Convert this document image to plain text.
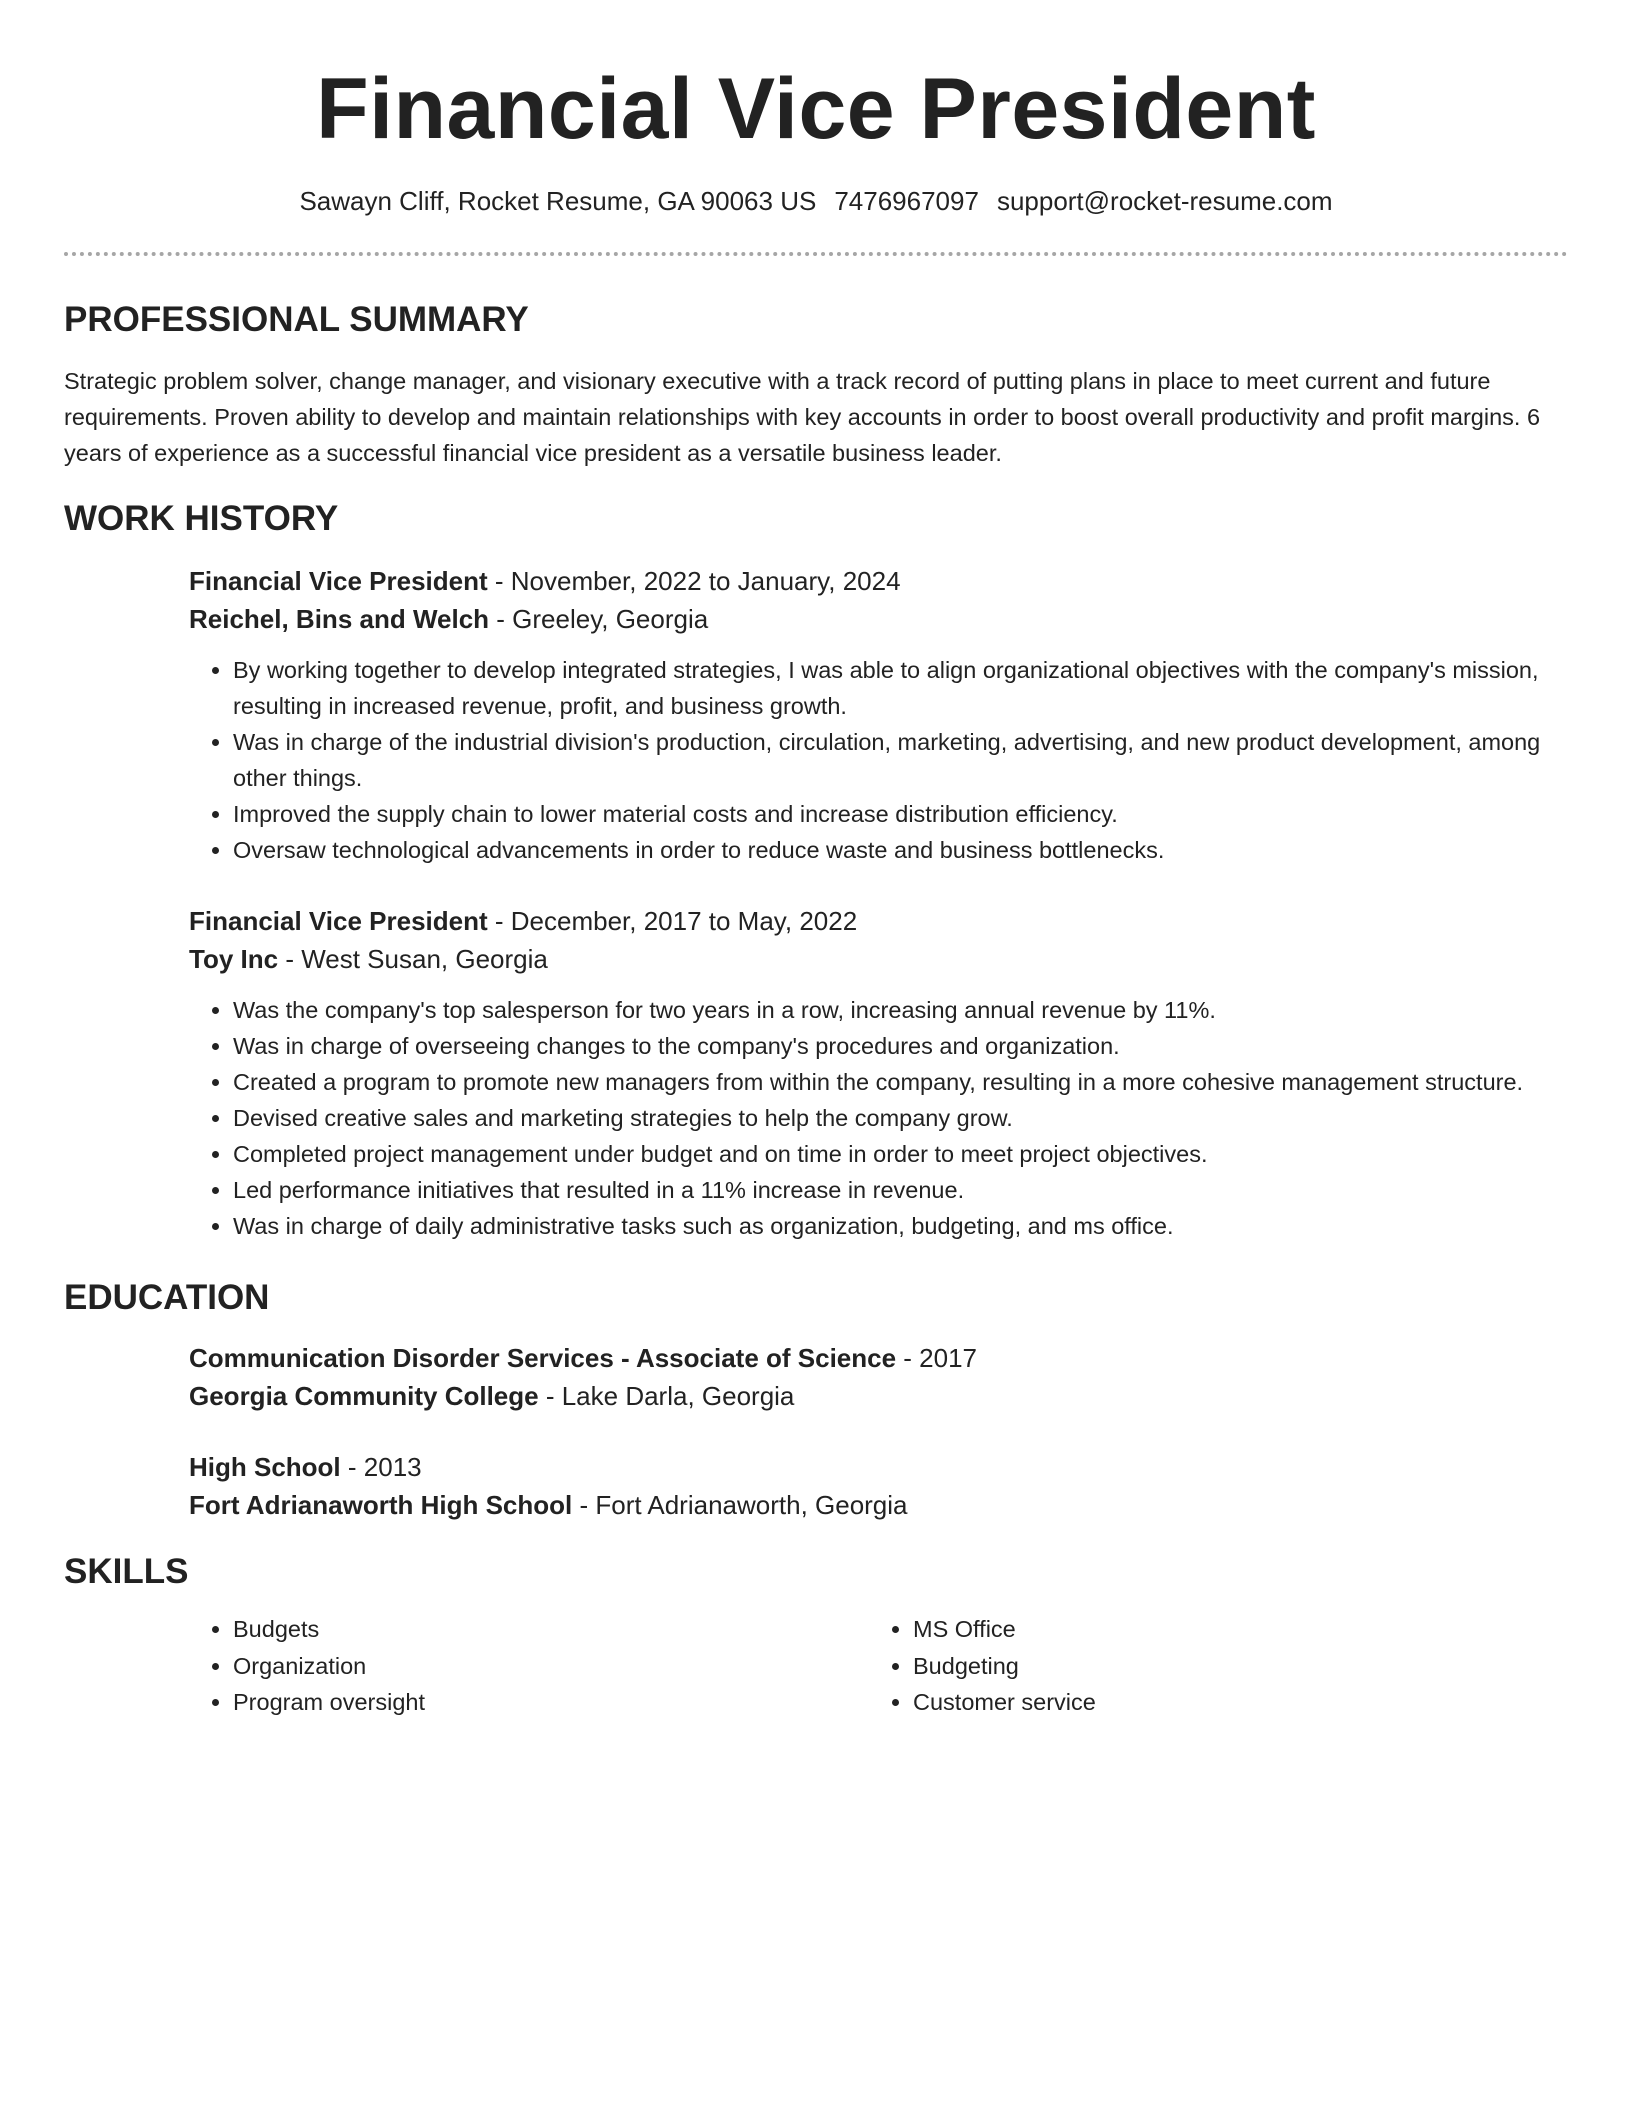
Financial Vice President
Sawayn Cliff, Rocket Resume, GA 90063 US 7476967097 support@rocket-resume.com
PROFESSIONAL SUMMARY

Strategic problem solver, change manager, and visionary executive with a track record of putting plans in place to meet current and future requirements. Proven ability to develop and maintain relationships with key accounts in order to boost overall productivity and profit margins. 6 years of experience as a successful financial vice president as a versatile business leader.

WORK HISTORY
Financial Vice President - November, 2022 to January, 2024
Reichel, Bins and Welch - Greeley, Georgia
• By working together to develop integrated strategies, I was able to align organizational objectives with the company's mission, resulting in increased revenue, profit, and business growth.
• Was in charge of the industrial division's production, circulation, marketing, advertising, and new product development, among other things.
• Improved the supply chain to lower material costs and increase distribution efficiency.
• Oversaw technological advancements in order to reduce waste and business bottlenecks.
Financial Vice President - December, 2017 to May, 2022
Toy Inc - West Susan, Georgia
• Was the company's top salesperson for two years in a row, increasing annual revenue by 11%.
• Was in charge of overseeing changes to the company's procedures and organization.
• Created a program to promote new managers from within the company, resulting in a more cohesive management structure.
• Devised creative sales and marketing strategies to help the company grow.
• Completed project management under budget and on time in order to meet project objectives.
• Led performance initiatives that resulted in a 11% increase in revenue.
• Was in charge of daily administrative tasks such as organization, budgeting, and ms office.
EDUCATION
Communication Disorder Services - Associate of Science - 2017
Georgia Community College - Lake Darla, Georgia
High School - 2013
Fort Adrianaworth High School - Fort Adrianaworth, Georgia
SKILLS
• Budgets
• Organization
• Program oversight
• MS Office
• Budgeting
• Customer service
